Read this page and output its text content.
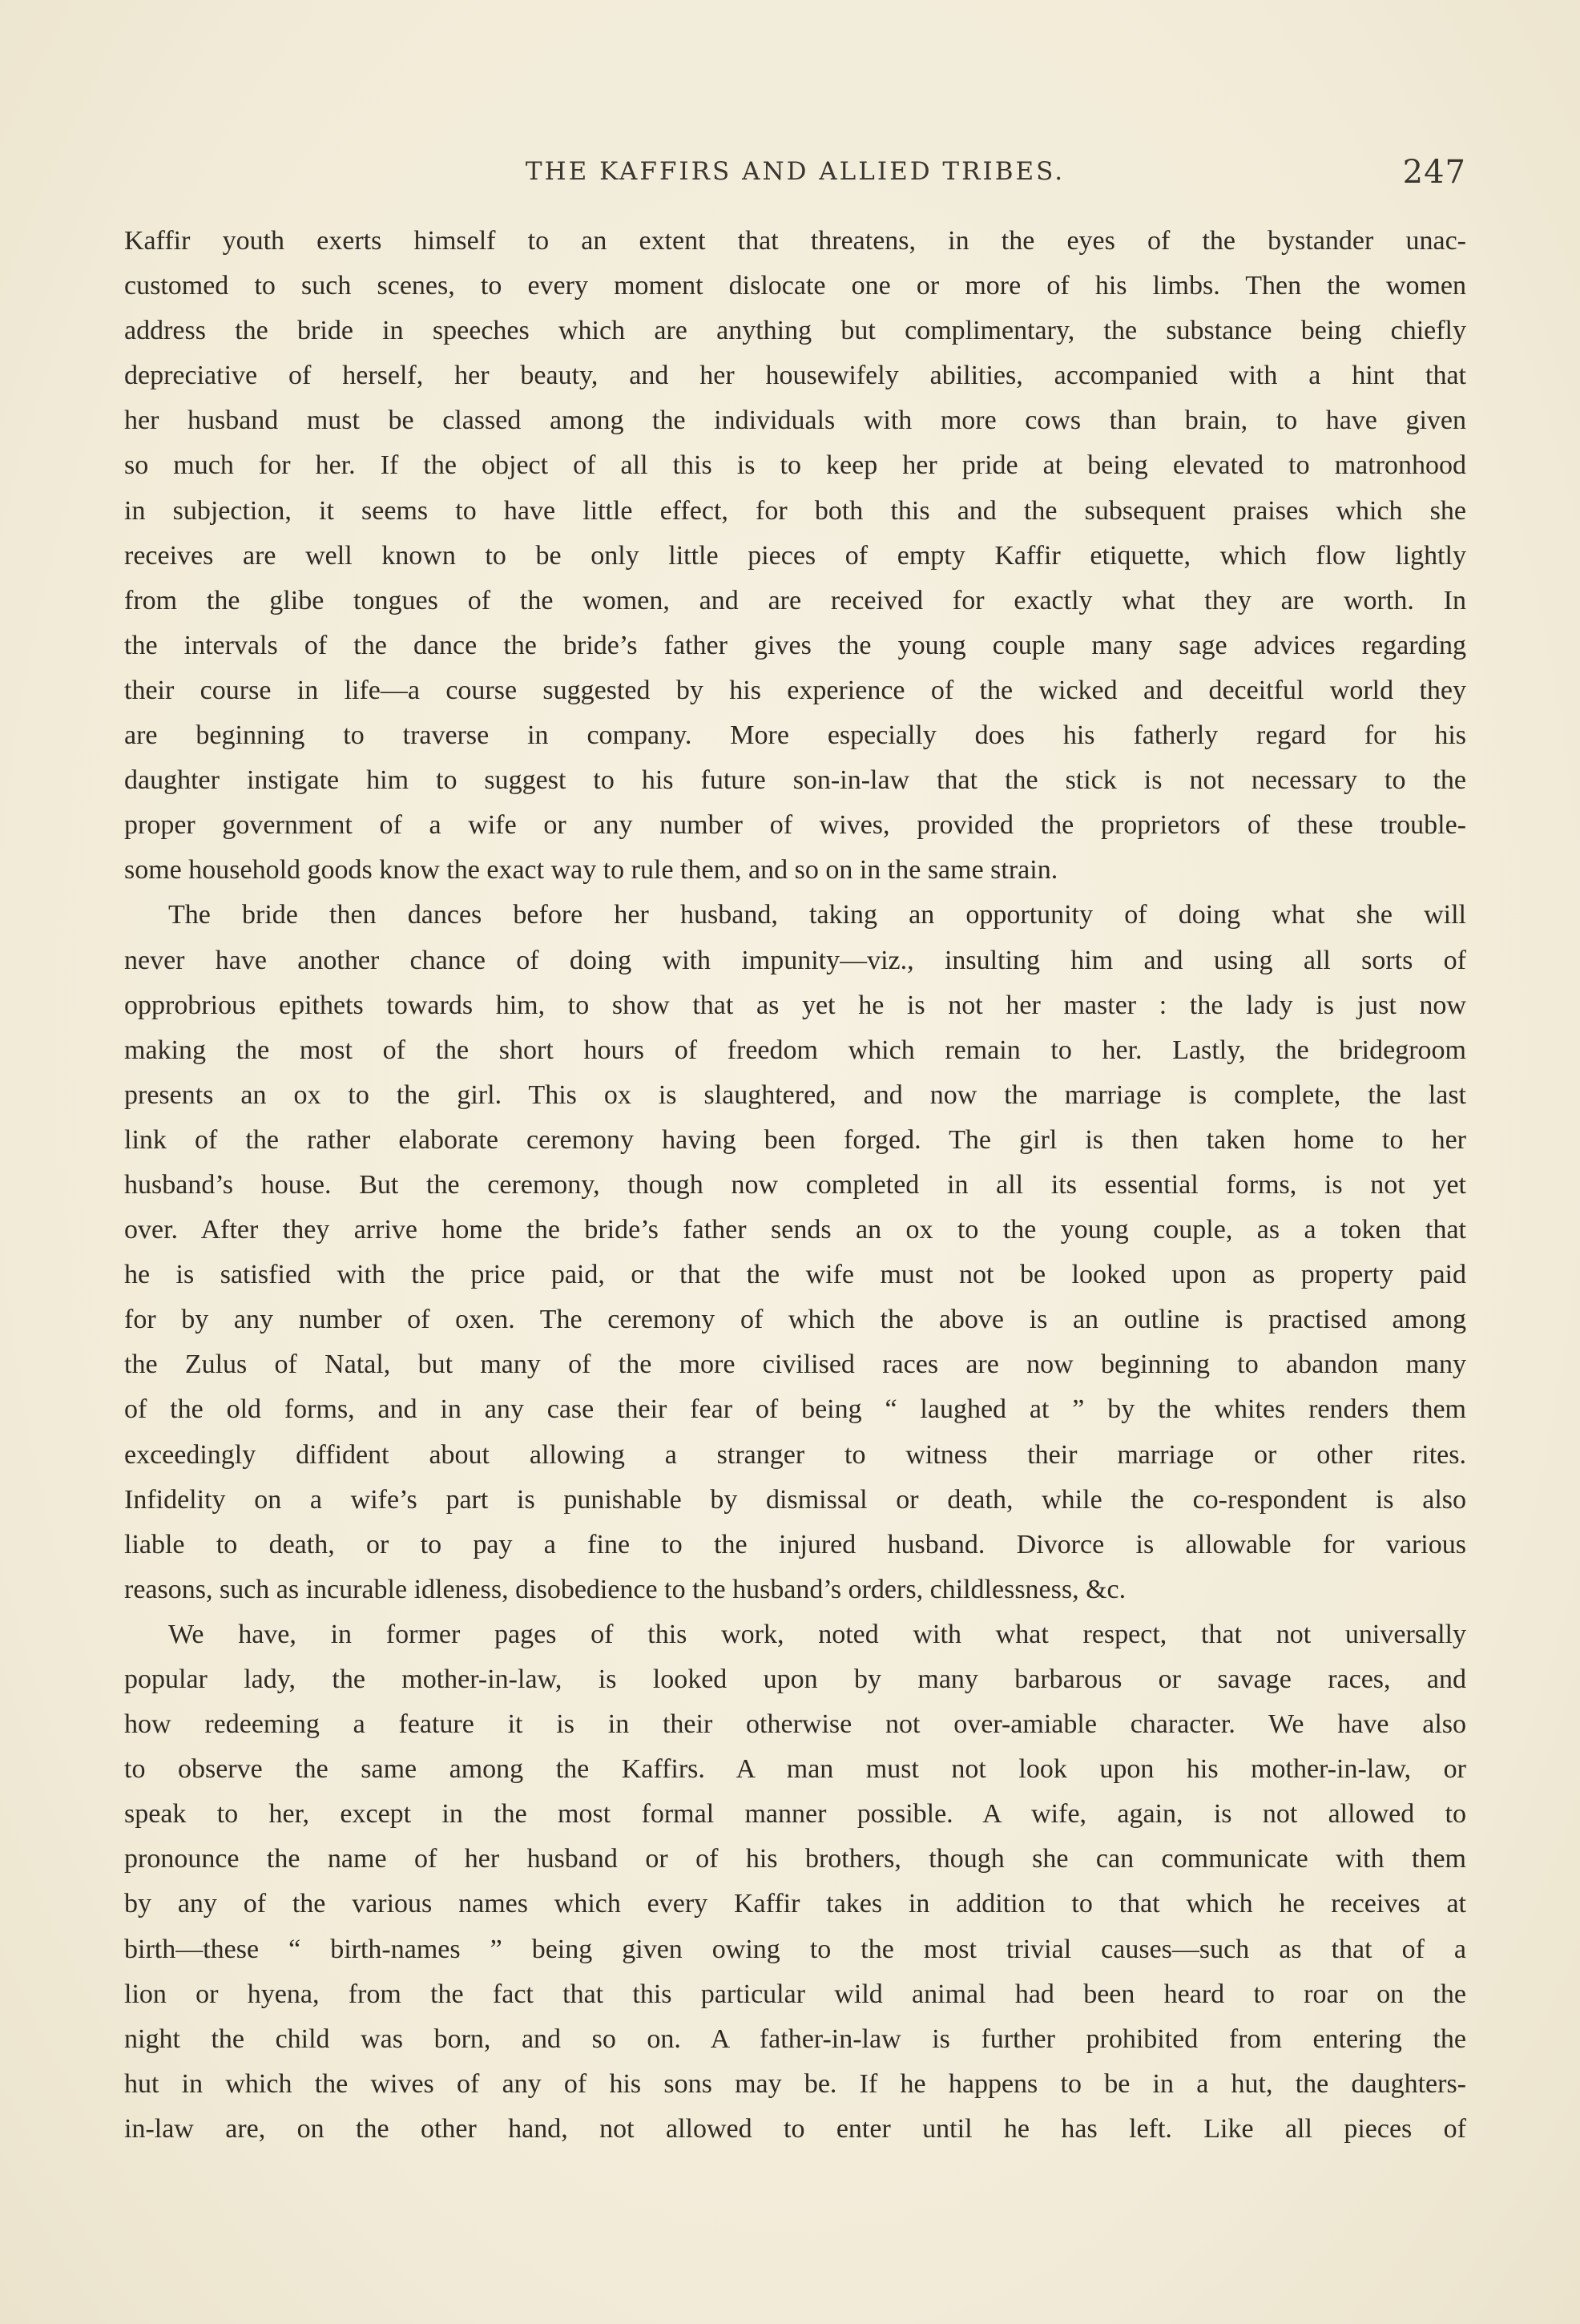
THE KAFFIRS AND ALLIED TRIBES.	247
Kaffir youth exerts himself to an extent that threatens, in the eyes of the bystander unac-
customed to such scenes, to every moment dislocate one or more of his limbs. Then the women
address the bride in speeches which are anything but complimentary, the substance being chiefly
depreciative of herself, her beauty, and her housewifely abilities, accompanied with a hint that
her husband must be classed among the individuals with more cows than brain, to have given
so much for her. If the object of all this is to keep her pride at being elevated to matronhood
in subjection, it seems to have little effect, for both this and the subsequent praises which she
receives are well known to be only little pieces of empty Kaffir etiquette, which flow lightly
from the glibe tongues of the women, and are received for exactly what they are worth. In
the intervals of the dance the bride’s father gives the young couple many sage advices regarding
their course in life—a course suggested by his experience of the wicked and deceitful world they
are beginning to traverse in company. More especially does his fatherly regard for his
daughter instigate him to suggest to his future son-in-law that the stick is not necessary to the
proper government of a wife or any number of wives, provided the proprietors of these trouble-
some household goods know the exact way to rule them, and so on in the same strain.
The bride then dances before her husband, taking an opportunity of doing what she will
never have another chance of doing with impunity—viz., insulting him and using all sorts of
opprobrious epithets towards him, to show that as yet he is not her master : the lady is just now
making the most of the short hours of freedom which remain to her. Lastly, the bridegroom
presents an ox to the girl. This ox is slaughtered, and now the marriage is complete, the last
link of the rather elaborate ceremony having been forged. The girl is then taken home to her
husband’s house. But the ceremony, though now completed in all its essential forms, is not yet
over. After they arrive home the bride’s father sends an ox to the young couple, as a token that
he is satisfied with the price paid, or that the wife must not be looked upon as property paid
for by any number of oxen. The ceremony of which the above is an outline is practised among
the Zulus of Natal, but many of the more civilised races are now beginning to abandon many
of the old forms, and in any case their fear of being “ laughed at ” by the whites renders them
exceedingly diffident about allowing a stranger to witness their marriage or other rites.
Infidelity on a wife’s part is punishable by dismissal or death, while the co-respondent is also
liable to death, or to pay a fine to the injured husband. Divorce is allowable for various
reasons, such as incurable idleness, disobedience to the husband’s orders, childlessness, &c.
We have, in former pages of this work, noted with what respect, that not universally
popular lady, the mother-in-law, is looked upon by many barbarous or savage races, and
how redeeming a feature it is in their otherwise not over-amiable character. We have also
to observe the same among the Kaffirs. A man must not look upon his mother-in-law, or
speak to her, except in the most formal manner possible. A wife, again, is not allowed to
pronounce the name of her husband or of his brothers, though she can communicate with them
by any of the various names which every Kaffir takes in addition to that which he receives at
birth—these “ birth-names ” being given owing to the most trivial causes—such as that of a
lion or hyena, from the fact that this particular wild animal had been heard to roar on the
night the child was born, and so on. A father-in-law is further prohibited from entering the
hut in which the wives of any of his sons may be. If he happens to be in a hut, the daughters-
in-law are, on the other hand, not allowed to enter until he has left. Like all pieces of
